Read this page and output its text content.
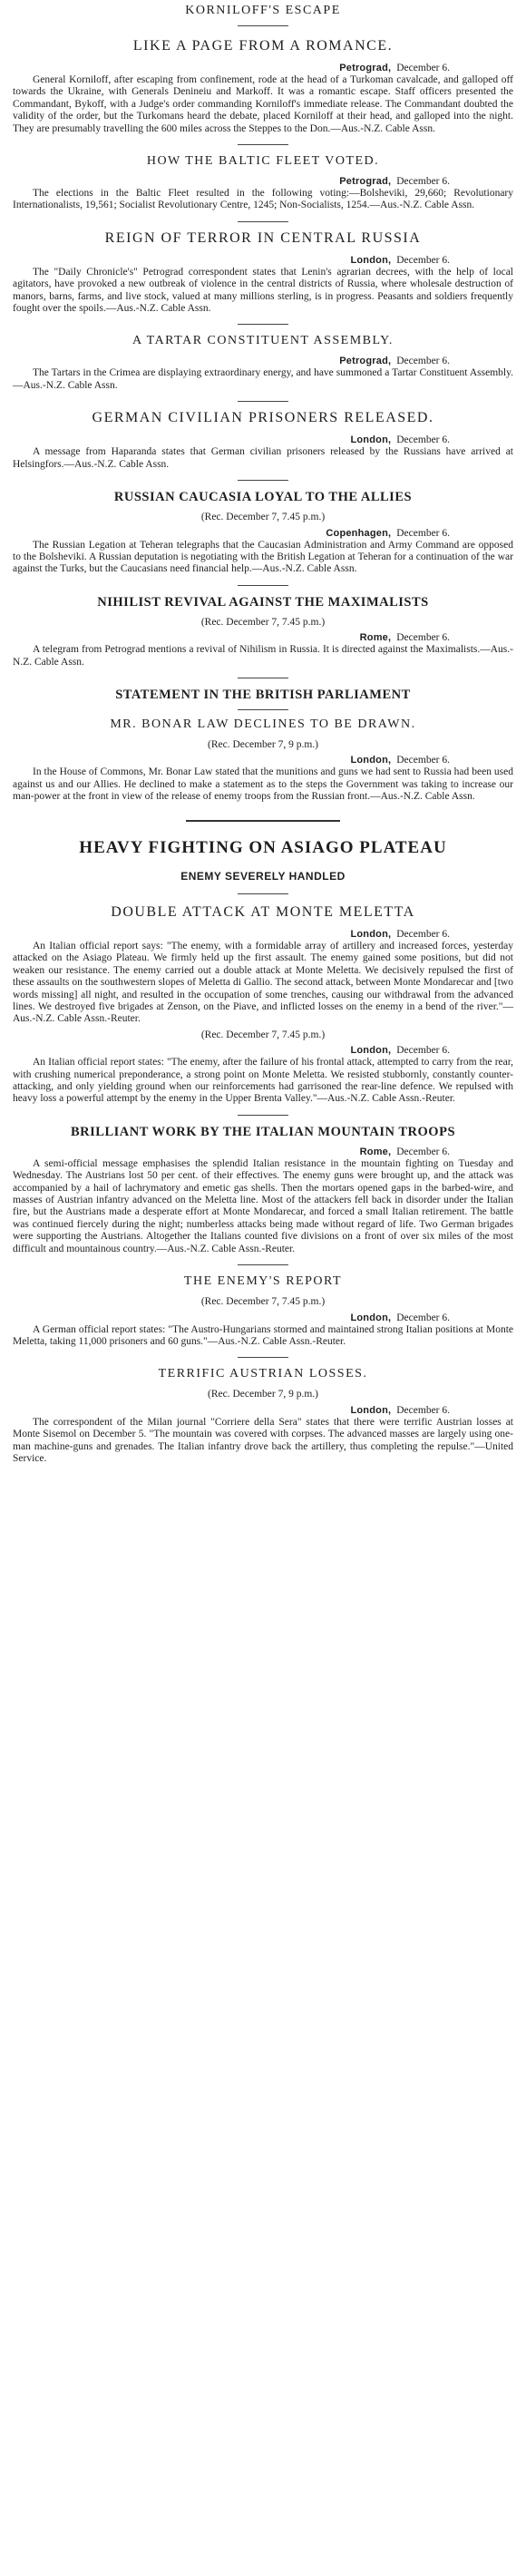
KORNILOFF'S ESCAPE
LIKE A PAGE FROM A ROMANCE.
Petrograd, December 6.

General Korniloff, after escaping from confinement, rode at the head of a Turkoman cavalcade, and galloped off towards the Ukraine, with Generals Denineiu and Markoff. It was a romantic escape. Staff officers presented the Commandant, Bykoff, with a Judge's order commanding Korniloff's immediate release. The Commandant doubted the validity of the order, but the Turkomans heard the debate, placed Korniloff at their head, and galloped into the night. They are presumably travelling the 600 miles across the Steppes to the Don.—Aus.-N.Z. Cable Assn.

HOW THE BALTIC FLEET VOTED.
Petrograd, December 6.

The elections in the Baltic Fleet resulted in the following voting:—Bolsheviki, 29,660; Revolutionary Internationalists, 19,561; Socialist Revolutionary Centre, 1245; Non-Socialists, 1254.—Aus.-N.Z. Cable Assn.

REIGN OF TERROR IN CENTRAL RUSSIA
London, December 6.

The "Daily Chronicle's" Petrograd correspondent states that Lenin's agrarian decrees, with the help of local agitators, have provoked a new outbreak of violence in the central districts of Russia, where wholesale destruction of manors, barns, farms, and live stock, valued at many millions sterling, is in progress. Peasants and soldiers frequently fought over the spoils.—Aus.-N.Z. Cable Assn.

A TARTAR CONSTITUENT ASSEMBLY.
Petrograd, December 6.

The Tartars in the Crimea are displaying extraordinary energy, and have summoned a Tartar Constituent Assembly.—Aus.-N.Z. Cable Assn.

GERMAN CIVILIAN PRISONERS RELEASED.
London, December 6.

A message from Haparanda states that German civilian prisoners released by the Russians have arrived at Helsingfors.—Aus.-N.Z. Cable Assn.

RUSSIAN CAUCASIA LOYAL TO THE ALLIES
(Rec. December 7, 7.45 p.m.)
Copenhagen, December 6.

The Russian Legation at Teheran telegraphs that the Caucasian Administration and Army Command are opposed to the Bolsheviki. A Russian deputation is negotiating with the British Legation at Teheran for a continuation of the war against the Turks, but the Caucasians need financial help.—Aus.-N.Z. Cable Assn.

NIHILIST REVIVAL AGAINST THE MAXIMALISTS
(Rec. December 7, 7.45 p.m.)
Rome, December 6.

A telegram from Petrograd mentions a revival of Nihilism in Russia. It is directed against the Maximalists.—Aus.-N.Z. Cable Assn.

STATEMENT IN THE BRITISH PARLIAMENT
MR. BONAR LAW DECLINES TO BE DRAWN.
(Rec. December 7, 9 p.m.)
London, December 6.

In the House of Commons, Mr. Bonar Law stated that the munitions and guns we had sent to Russia had been used against us and our Allies. He declined to make a statement as to the steps the Government was taking to increase our man-power at the front in view of the release of enemy troops from the Russian front.—Aus.-N.Z. Cable Assn.

HEAVY FIGHTING ON ASIAGO PLATEAU
ENEMY SEVERELY HANDLED
DOUBLE ATTACK AT MONTE MELETTA
London, December 6.

An Italian official report says: "The enemy, with a formidable array of artillery and increased forces, yesterday attacked on the Asiago Plateau. We firmly held up the first assault. The enemy gained some positions, but did not weaken our resistance. The enemy carried out a double attack at Monte Meletta. We decisively repulsed the first of these assaults on the southwestern slopes of Meletta di Gallio. The second attack, between Monte Mondarecar and [two words missing] all night, and resulted in the occupation of some trenches, causing our withdrawal from the advanced lines. We destroyed five brigades at Zenson, on the Piave, and inflicted losses on the enemy in a bend of the river."—Aus.-N.Z. Cable Assn.-Reuter.

(Rec. December 7, 7.45 p.m.)
London, December 6.

An Italian official report states: "The enemy, after the failure of his frontal attack, attempted to carry from the rear, with crushing numerical preponderance, a strong point on Monte Meletta. We resisted stubbornly, constantly counter-attacking, and only yielding ground when our reinforcements had garrisoned the rear-line defence. We repulsed with heavy loss a powerful attempt by the enemy in the Upper Brenta Valley."—Aus.-N.Z. Cable Assn.-Reuter.

BRILLIANT WORK BY THE ITALIAN MOUNTAIN TROOPS
Rome, December 6.

A semi-official message emphasises the splendid Italian resistance in the mountain fighting on Tuesday and Wednesday. The Austrians lost 50 per cent. of their effectives. The enemy guns were brought up, and the attack was accompanied by a hail of lachrymatory and emetic gas shells. Then the mortars opened gaps in the barbed-wire, and masses of Austrian infantry advanced on the Meletta line. Most of the attackers fell back in disorder under the Italian fire, but the Austrians made a desperate effort at Monte Mondarecar, and forced a small Italian retirement. The battle was continued fiercely during the night; numberless attacks being made without regard of life. Two German brigades were supporting the Austrians. Altogether the Italians counted five divisions on a front of over six miles of the most difficult and mountainous country.—Aus.-N.Z. Cable Assn.-Reuter.

THE ENEMY'S REPORT
(Rec. December 7, 7.45 p.m.)
London, December 6.

A German official report states: "The Austro-Hungarians stormed and maintained strong Italian positions at Monte Meletta, taking 11,000 prisoners and 60 guns."—Aus.-N.Z. Cable Assn.-Reuter.

TERRIFIC AUSTRIAN LOSSES.
(Rec. December 7, 9 p.m.)
London, December 6.

The correspondent of the Milan journal "Corriere della Sera" states that there were terrific Austrian losses at Monte Sisemol on December 5. "The mountain was covered with corpses. The advanced masses are largely using one-man machine-guns and grenades. The Italian infantry drove back the artillery, thus completing the repulse."—United Service.
